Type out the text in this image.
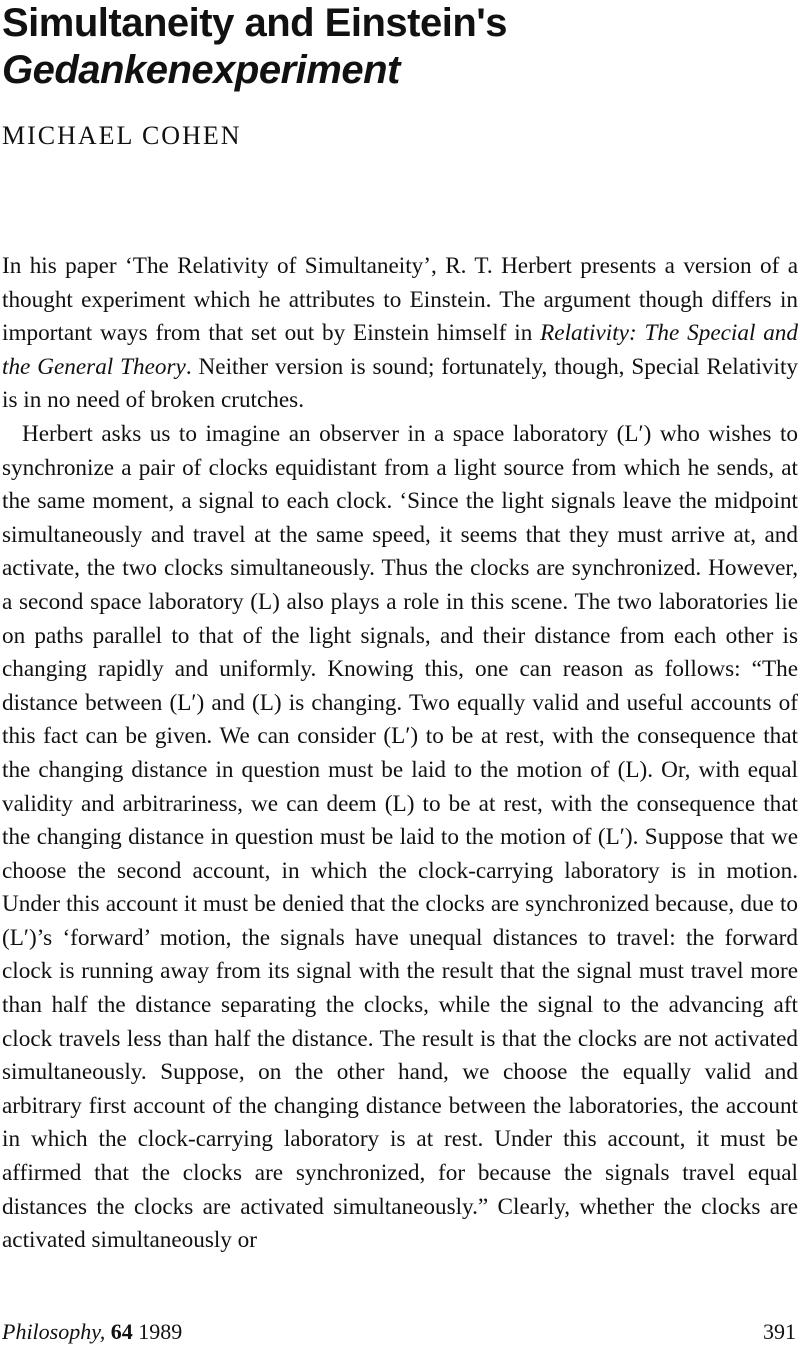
Simultaneity and Einstein's
Gedankenexperiment
MICHAEL COHEN

In his paper ‘The Relativity of Simultaneity’, R. T. Herbert presents a version of a thought experiment which he attributes to Einstein. The argument though differs in important ways from that set out by Einstein himself in Relativity: The Special and the General Theory. Neither version is sound; fortunately, though, Special Relativity is in no need of broken crutches.

Herbert asks us to imagine an observer in a space laboratory (L′) who wishes to synchronize a pair of clocks equidistant from a light source from which he sends, at the same moment, a signal to each clock. ‘Since the light signals leave the midpoint simultaneously and travel at the same speed, it seems that they must arrive at, and activate, the two clocks simultaneously. Thus the clocks are synchronized. However, a second space laboratory (L) also plays a role in this scene. The two laboratories lie on paths parallel to that of the light signals, and their distance from each other is changing rapidly and uniformly. Knowing this, one can reason as follows: “The distance between (L′) and (L) is changing. Two equally valid and useful accounts of this fact can be given. We can consider (L′) to be at rest, with the consequence that the changing distance in question must be laid to the motion of (L). Or, with equal validity and arbitrariness, we can deem (L) to be at rest, with the consequence that the changing distance in question must be laid to the motion of (L′). Suppose that we choose the second account, in which the clock-carrying laboratory is in motion. Under this account it must be denied that the clocks are synchronized because, due to (L′)’s ‘forward’ motion, the signals have unequal distances to travel: the forward clock is running away from its signal with the result that the signal must travel more than half the distance separating the clocks, while the signal to the advancing aft clock travels less than half the distance. The result is that the clocks are not activated simultaneously. Suppose, on the other hand, we choose the equally valid and arbitrary first account of the changing distance between the laboratories, the account in which the clock-carrying laboratory is at rest. Under this account, it must be affirmed that the clocks are synchronized, for because the signals travel equal distances the clocks are activated simultaneously.” Clearly, whether the clocks are activated simultaneously or

Philosophy, 64 1989	391
